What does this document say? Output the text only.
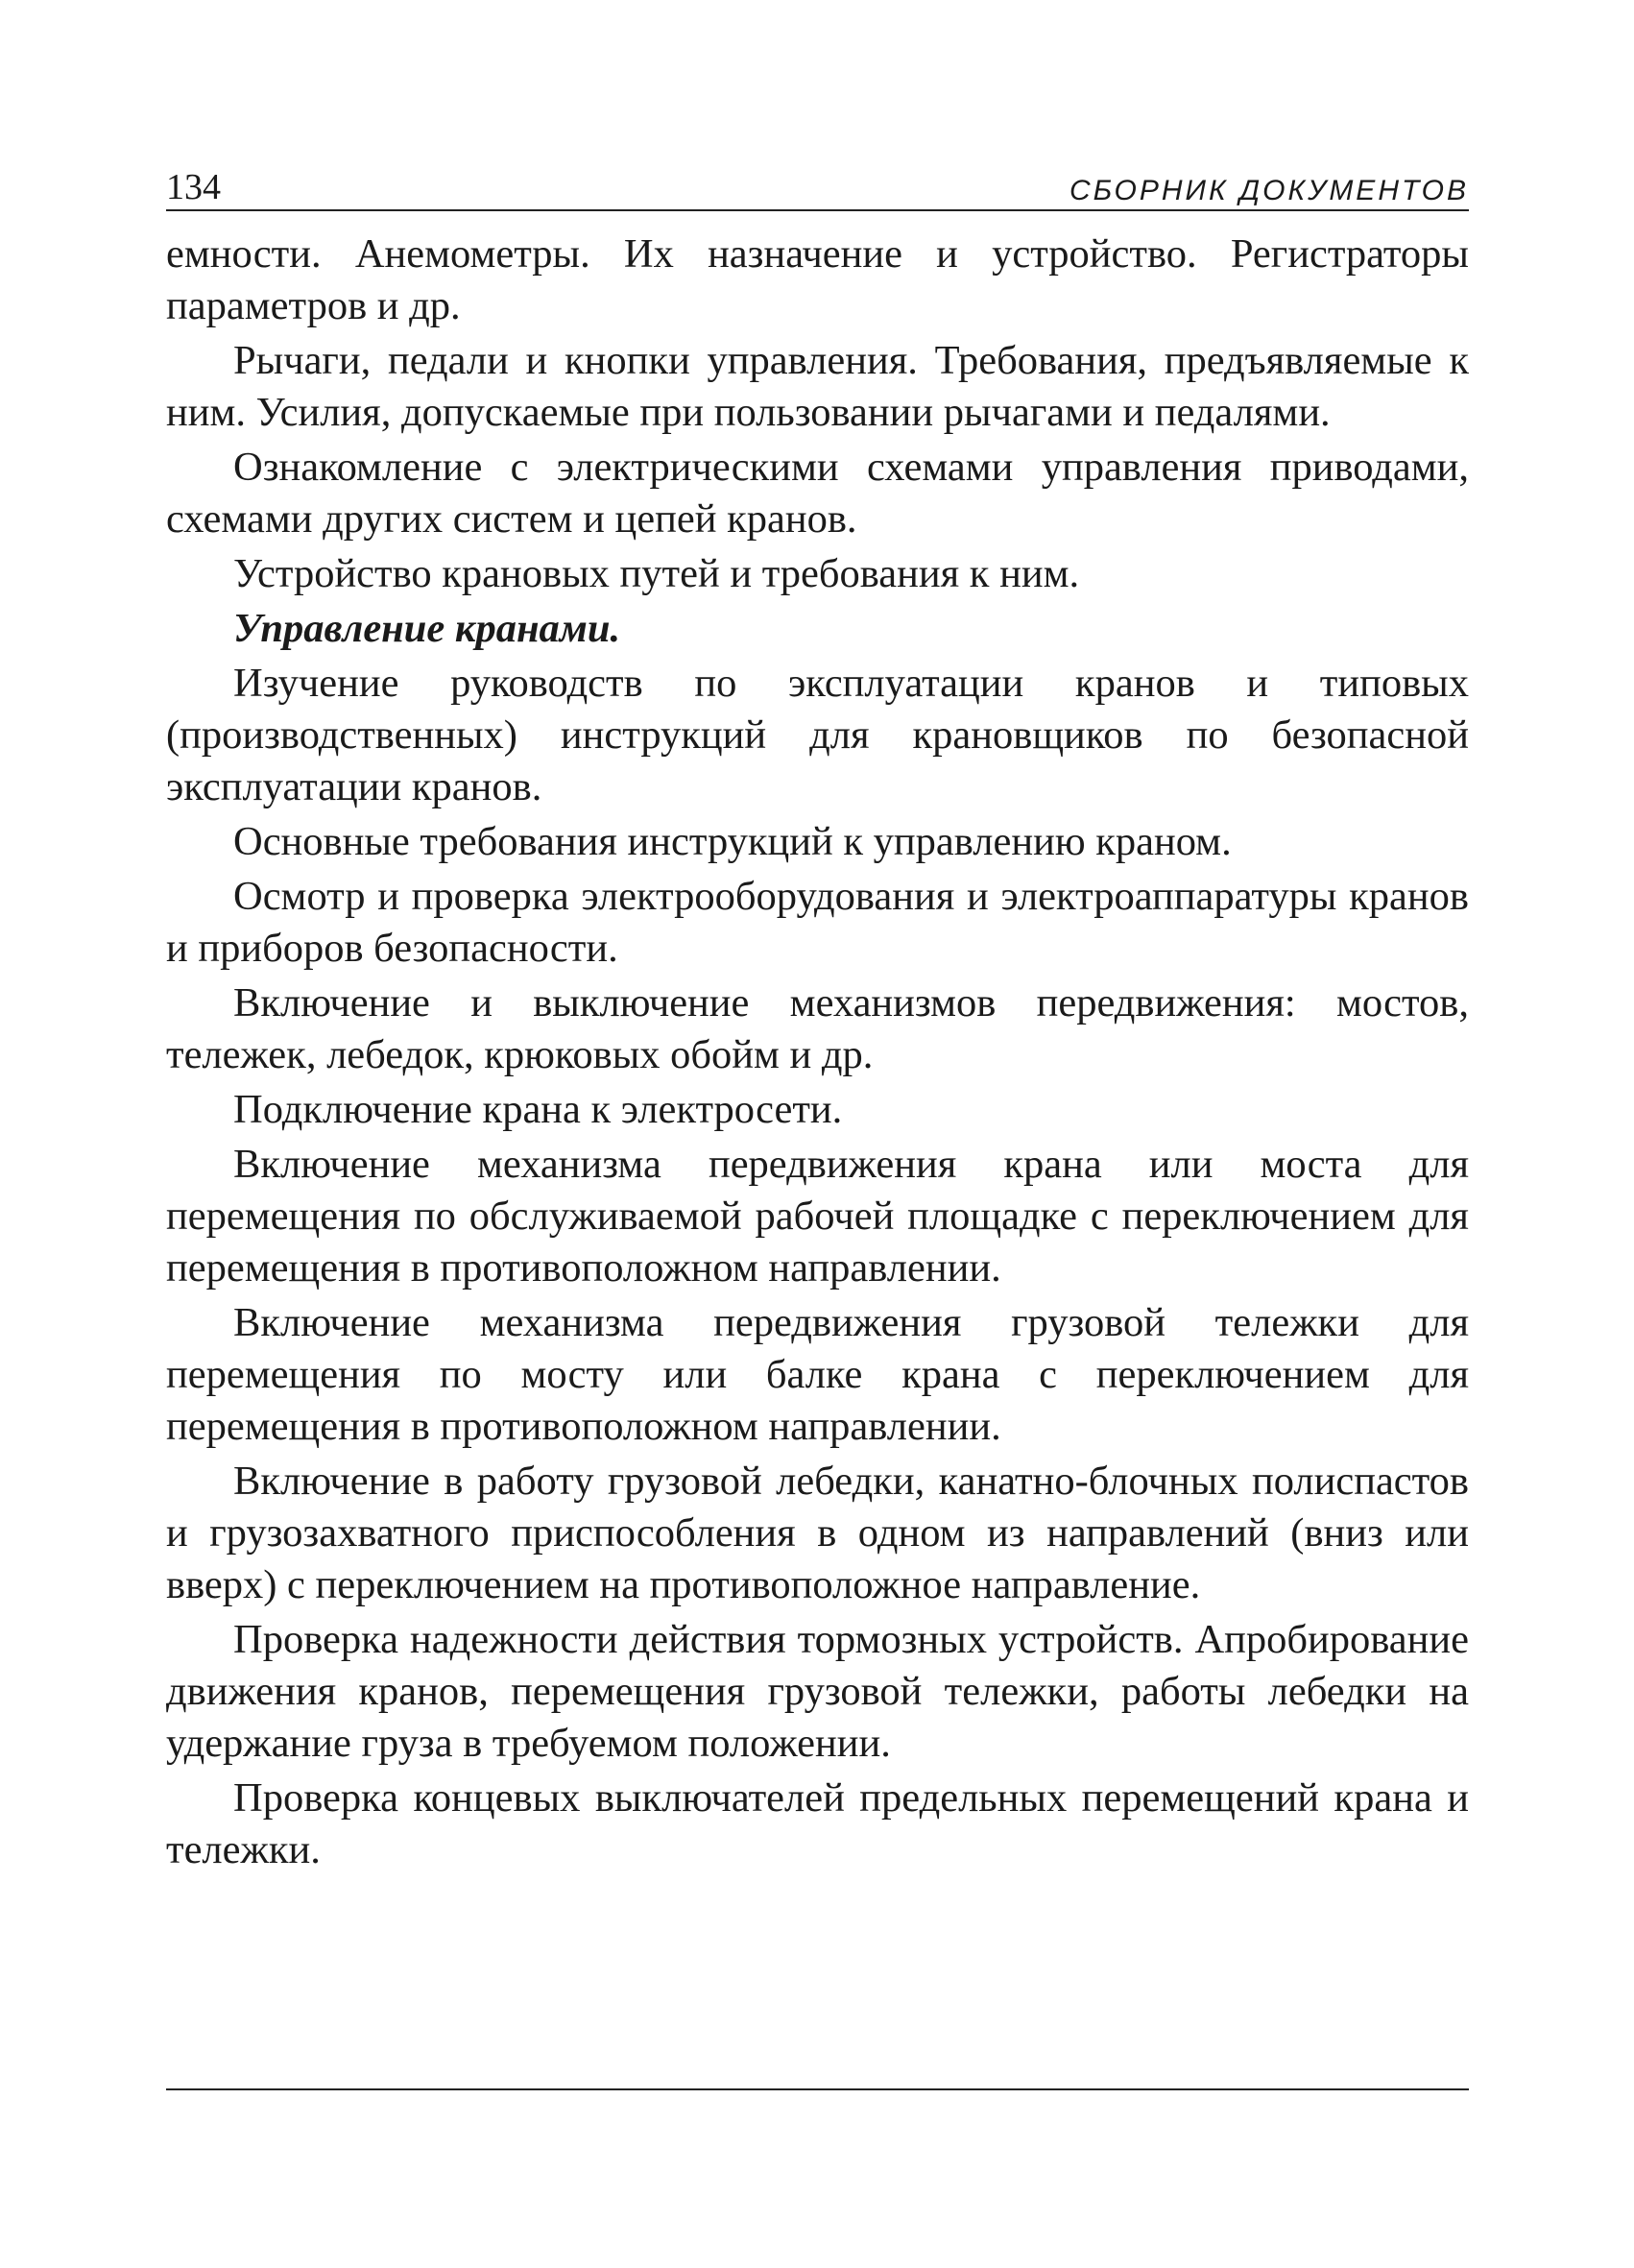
134	СБОРНИК ДОКУМЕНТОВ

емности. Анемометры. Их назначение и устройство. Регистраторы параметров и др.

Рычаги, педали и кнопки управления. Требования, предъявляемые к ним. Усилия, допускаемые при пользовании рычагами и педалями.

Ознакомление с электрическими схемами управления приводами, схемами других систем и цепей кранов.

Устройство крановых путей и требования к ним.

Управление кранами.

Изучение руководств по эксплуатации кранов и типовых (производственных) инструкций для крановщиков по безопасной эксплуатации кранов.

Основные требования инструкций к управлению краном.

Осмотр и проверка электрооборудования и электроаппаратуры кранов и приборов безопасности.

Включение и выключение механизмов передвижения: мостов, тележек, лебедок, крюковых обойм и др.

Подключение крана к электросети.

Включение механизма передвижения крана или моста для перемещения по обслуживаемой рабочей площадке с переключением для перемещения в противоположном направлении.

Включение механизма передвижения грузовой тележки для перемещения по мосту или балке крана с переключением для перемещения в противоположном направлении.

Включение в работу грузовой лебедки, канатно-блочных полиспастов и грузозахватного приспособления в одном из направлений (вниз или вверх) с переключением на противоположное направление.

Проверка надежности действия тормозных устройств. Апробирование движения кранов, перемещения грузовой тележки, работы лебедки на удержание груза в требуемом положении.

Проверка концевых выключателей предельных перемещений крана и тележки.
